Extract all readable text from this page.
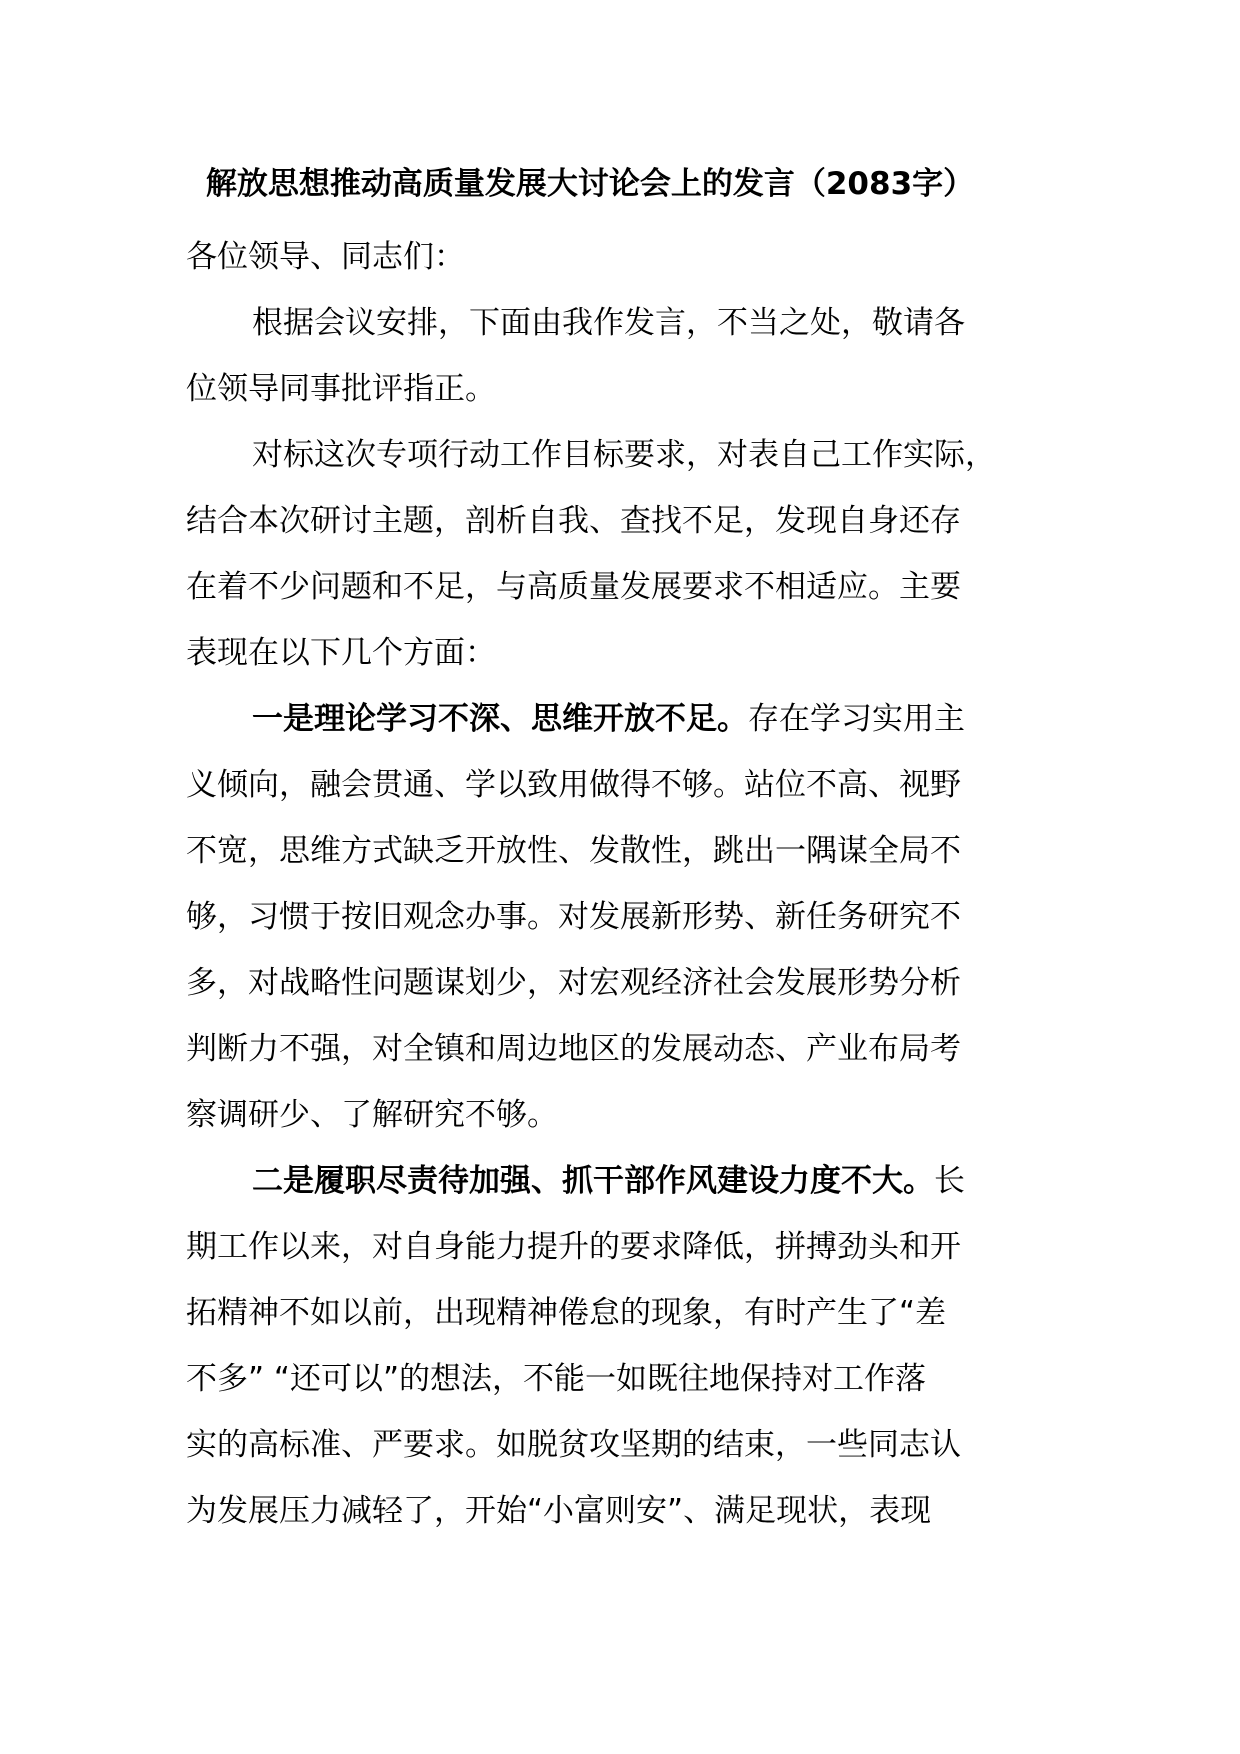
解放思想推动高质量发展大讨论会上的发言（2083字）
各位领导、同志们：
根据会议安排，下面由我作发言，不当之处，敬请各
位领导同事批评指正。
对标这次专项行动工作目标要求，对表自己工作实际，
结合本次研讨主题，剖析自我、查找不足，发现自身还存
在着不少问题和不足，与高质量发展要求不相适应。主要
表现在以下几个方面：
一是理论学习不深、思维开放不足。存在学习实用主
义倾向，融会贯通、学以致用做得不够。站位不高、视野
不宽，思维方式缺乏开放性、发散性，跳出一隅谋全局不
够，习惯于按旧观念办事。对发展新形势、新任务研究不
多，对战略性问题谋划少，对宏观经济社会发展形势分析
判断力不强，对全镇和周边地区的发展动态、产业布局考
察调研少、了解研究不够。
二是履职尽责待加强、抓干部作风建设力度不大。长
期工作以来，对自身能力提升的要求降低，拼搏劲头和开
拓精神不如以前，出现精神倦怠的现象，有时产生了“差
不多” “还可以”的想法，不能一如既往地保持对工作落
实的高标准、严要求。如脱贫攻坚期的结束，一些同志认
为发展压力减轻了，开始“小富则安”、满足现状，表现
